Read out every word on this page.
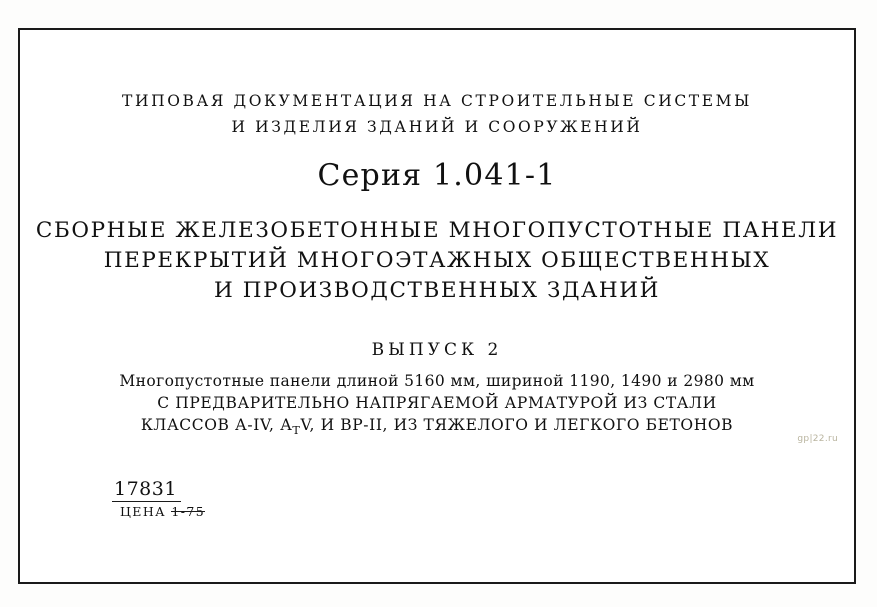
ТИПОВАЯ ДОКУМЕНТАЦИЯ НА СТРОИТЕЛЬНЫЕ СИСТЕМЫ
И ИЗДЕЛИЯ ЗДАНИЙ И СООРУЖЕНИЙ
Серия 1.041-1
СБОРНЫЕ ЖЕЛЕЗОБЕТОННЫЕ МНОГОПУСТОТНЫЕ ПАНЕЛИ
ПЕРЕКРЫТИЙ МНОГОЭТАЖНЫХ ОБЩЕСТВЕННЫХ
И ПРОИЗВОДСТВЕННЫХ ЗДАНИЙ
ВЫПУСК 2
Многопустотные панели длиной 5160 мм, шириной 1190, 1490 и 2980 мм
С ПРЕДВАРИТЕЛЬНО НАПРЯГАЕМОЙ АРМАТУРОЙ ИЗ СТАЛИ
КЛАССОВ А-IV, $А_ТV$, И ВР-II, ИЗ ТЯЖЕЛОГО И ЛЕГКОГО БЕТОНОВ
17831
ЦЕНА 1-75
gp|22.ru
